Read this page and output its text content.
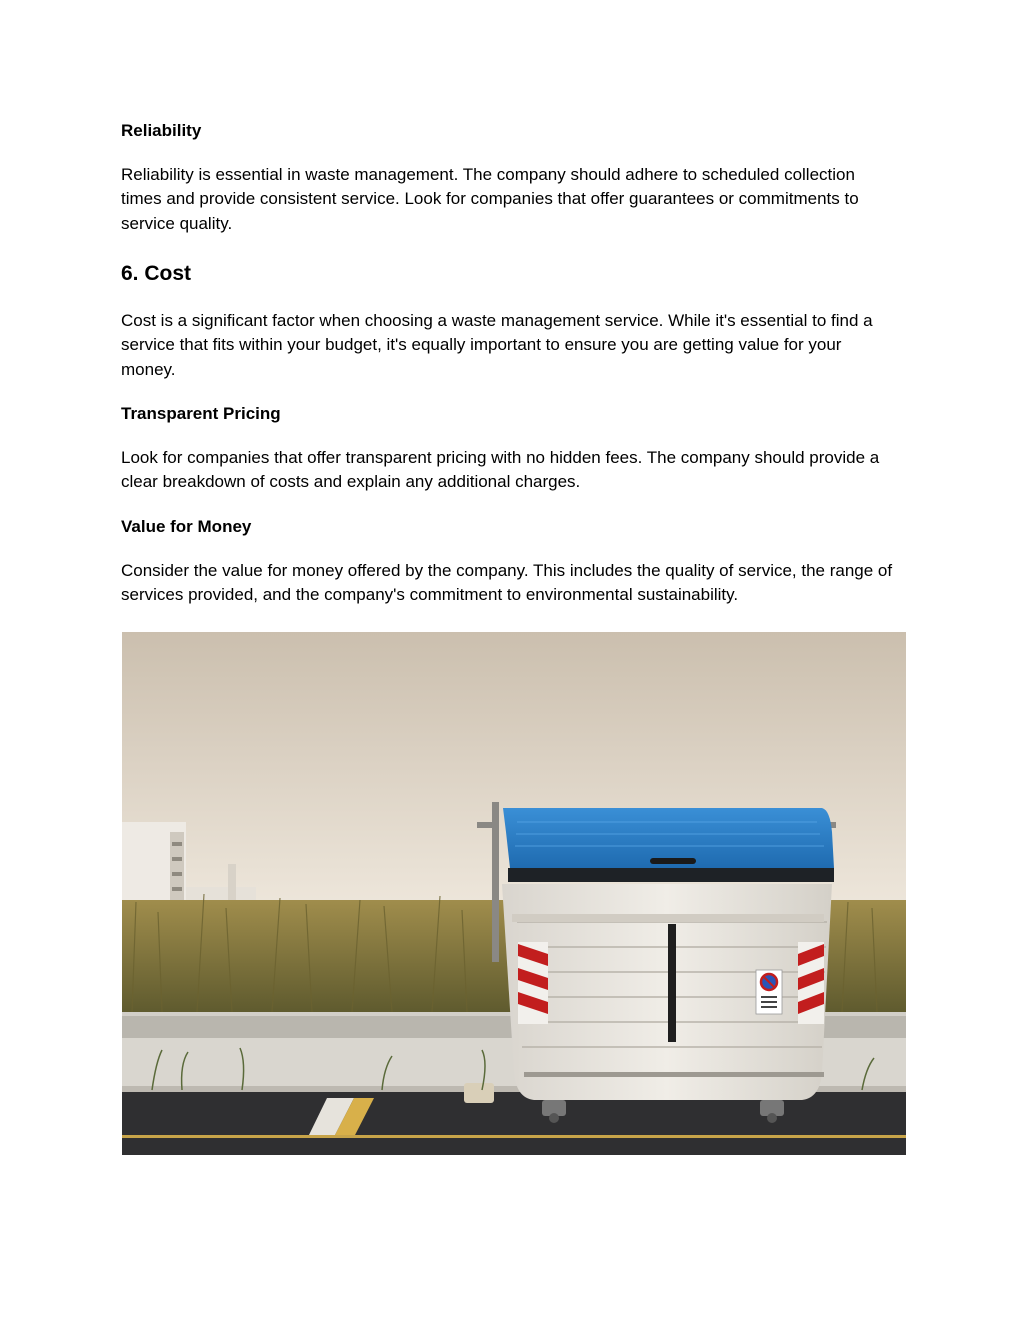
Reliability

Reliability is essential in waste management. The company should adhere to scheduled collection times and provide consistent service. Look for companies that offer guarantees or commitments to service quality.

6. Cost

Cost is a significant factor when choosing a waste management service. While it's essential to find a service that fits within your budget, it's equally important to ensure you are getting value for your money.

Transparent Pricing

Look for companies that offer transparent pricing with no hidden fees. The company should provide a clear breakdown of costs and explain any additional charges.

Value for Money

Consider the value for money offered by the company. This includes the quality of service, the range of services provided, and the company's commitment to environmental sustainability.
